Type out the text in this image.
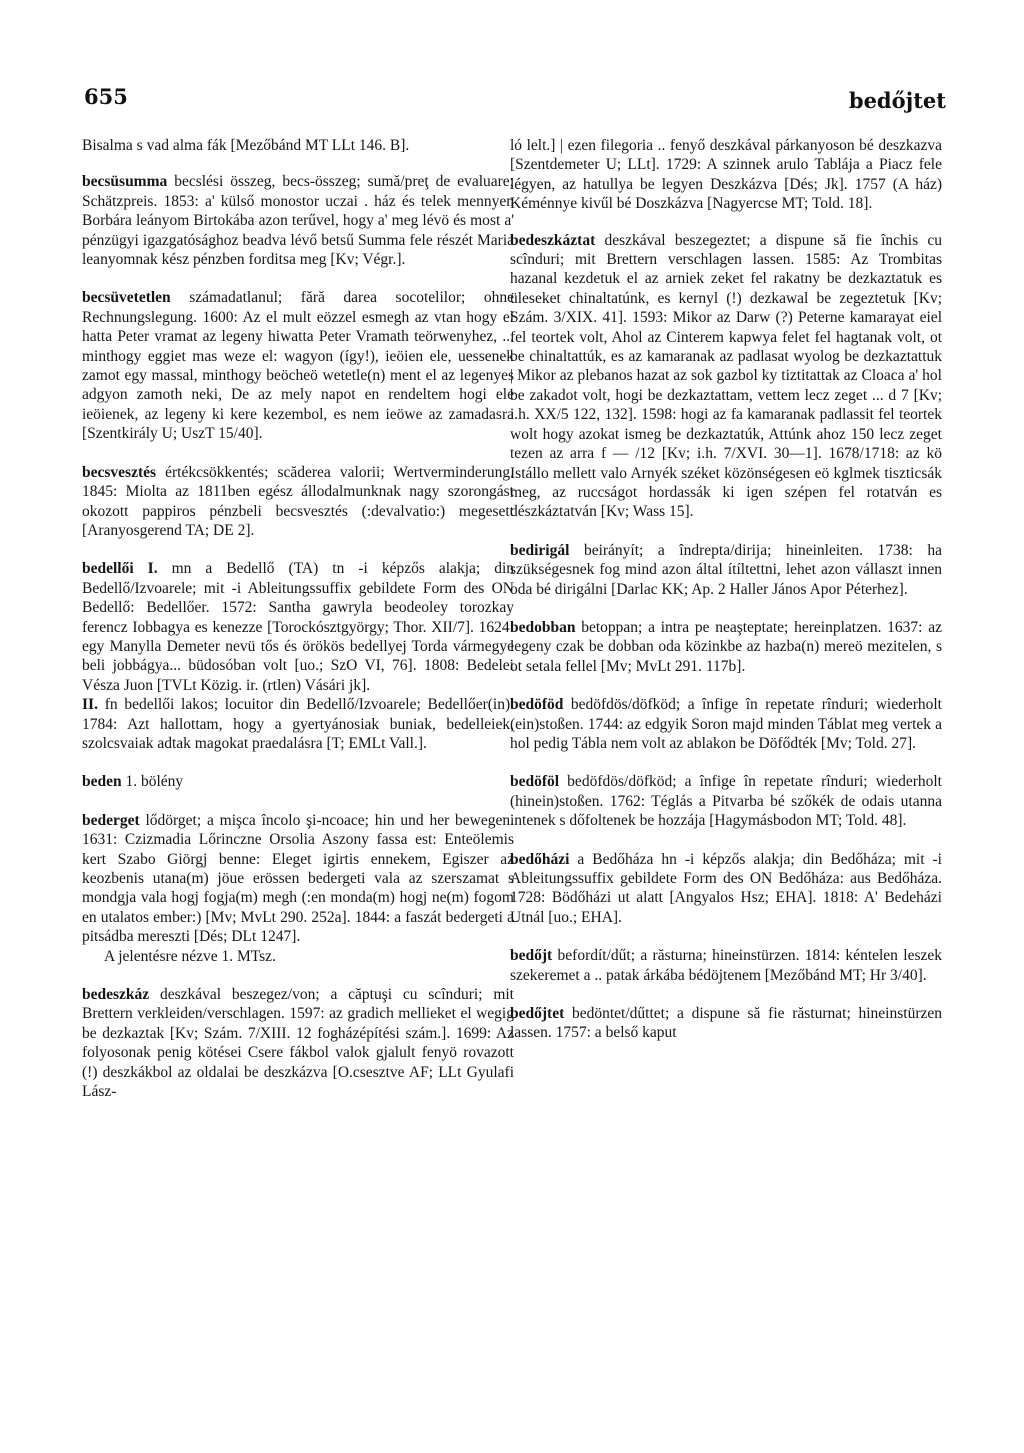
655	bedőjtet

Bisalma s vad alma fák [Mezőbánd MT LLt 146. B].

becsüsumma becslési összeg, becs-összeg; sumă/preţ de evaluare; Schätzpreis. 1853: a' külső monostor uczai . ház és telek mennyen Borbára leányom Birtokába azon terűvel, hogy a' meg lévö és most a' pénzügyi igazgatósághoz beadva lévő betsű Summa fele részét Maria leanyomnak kész pénzben forditsa meg [Kv; Végr.].

becsüvetetlen számadatlanul; fără darea socotelilor; ohne Rechnungslegung. 1600: Az el mult eözzel esmegh az vtan hogy el hatta Peter vramat az legeny hiwatta Peter Vramath teörwenyhez, ... minthogy eggiet mas weze el: wagyon (így!), ieöien ele, uessenek zamot egy massal, minthogy beöcheö wetetle(n) ment el az legenyes adgyon zamoth neki, De az mely napot en rendeltem hogi ele ieöienek, az legeny ki kere kezembol, es nem ieöwe az zamadasra [Szentkirály U; UszT 15/40].

becsvesztés értékcsökkentés; scăderea valorii; Wertverminderung. 1845: Miolta az 1811ben egész állodalmunknak nagy szorongást okozott pappiros pénzbeli becsvesztés (:devalvatio:) megesett [Aranyosgerend TA; DE 2].

bedellői I. mn a Bedellő (TA) tn -i képzős alakja; din Bedellő/Izvoarele; mit -i Ableitungssuffix gebildete Form des ON Bedellő: Bedellőer. 1572: Santha gawryla beodeoley torozkay ferencz Iobbagya es kenezze [Torockósztgyörgy; Thor. XII/7]. 1624: egy Manylla Demeter nevü tős és örökös bedellyej Torda vármegye beli jobbágya... büdosóban volt [uo.; SzO VI, 76]. 1808: Bedelei Vésza Juon [TVLt Közig. ir. (rtlen) Vásári jk].

II. fn bedellői lakos; locuitor din Bedellő/Izvoarele; Bedellőer(in). 1784: Azt hallottam, hogy a gyertyánosiak buniak, bedelleiek, szolcsvaiak adtak magokat praedalásra [T; EMLt Vall.].

beden 1. bölény

bederget lődörget; a mişca încolo şi-ncoace; hin und her bewegen. 1631: Czizmadia Lőrinczne Orsolia Aszony fassa est: Enteölemis kert Szabo Giörgj benne: Eleget igirtis ennekem, Egiszer az keozbenis utana(m) jöue erössen bedergeti vala az szerszamat s mondgja vala hogj fogja(m) megh (:en monda(m) hogj ne(m) fogom en utalatos ember:) [Mv; MvLt 290. 252a]. 1844: a faszát bedergeti a pitsádba mereszti [Dés; DLt 1247].

A jelentésre nézve 1. MTsz.

bedeszkáz deszkával beszegez/von; a căptuşi cu scînduri; mit Brettern verkleiden/verschlagen. 1597: az gradich mellieket el wegig be dezkaztak [Kv; Szám. 7/XIII. 12 fogházépítési szám.]. 1699: Az folyosonak penig kötései Csere fákbol valok gjalult fenyö rovazott (!) deszkákbol az oldalai be deszkázva [O.csesztve AF; LLt Gyulafi Lász-

ló lelt.] | ezen filegoria .. fenyő deszkával párkanyoson bé deszkazva [Szentdemeter U; LLt]. 1729: A szinnek arulo Tablája a Piacz fele légyen, az hatullya be legyen Deszkázva [Dés; Jk]. 1757 (A ház) Kéménnye kivűl bé Doszkázva [Nagyercse MT; Told. 18].

bedeszkáztat deszkával beszegeztet; a dispune să fie închis cu scînduri; mit Brettern verschlagen lassen. 1585: Az Trombitas hazanal kezdetuk el az arniek zeket fel rakatny be dezkaztatuk es üleseket chinaltatúnk, es kernyl (!) dezkawal be zegeztetuk [Kv; Szám. 3/XIX. 41]. 1593: Mikor az Darw (?) Peterne kamarayat eiel fel teortek volt, Ahol az Cinterem kapwya felet fel hagtanak volt, ot be chinaltattúk, es az kamaranak az padlasat wyolog be dezkaztattuk | Mikor az plebanos hazat az sok gazbol ky tiztitattak az Cloaca a' hol be zakadot volt, hogi be dezkaztattam, vettem lecz zeget ... d 7 [Kv; i.h. XX/5 122, 132]. 1598: hogi az fa kamaranak padlassit fel teortek wolt hogy azokat ismeg be dezkaztatúk, Attúnk ahoz 150 lecz zeget tezen az arra f — /12 [Kv; i.h. 7/XVI. 30—1]. 1678/1718: az kö Istállo mellett valo Arnyék széket közönségesen eö kglmek tiszticsák meg, az ruccságot hordassák ki igen szépen fel rotatván es dészkáztatván [Kv; Wass 15].

bedirigál beirányít; a îndrepta/dirija; hineinleiten. 1738: ha szükségesnek fog mind azon által ítíltettni, lehet azon vállaszt innen oda bé dirigálni [Darlac KK; Ap. 2 Haller János Apor Péterhez].

bedobban betoppan; a intra pe neaşteptate; hereinplatzen. 1637: az legeny czak be dobban oda közinkbe az hazba(n) mereö mezitelen, s ot setala fellel [Mv; MvLt 291. 117b].

bedöföd bedöfdös/döfköd; a înfige în repetate rînduri; wiederholt (ein)stoßen. 1744: az edgyik Soron majd minden Táblat meg vertek a hol pedig Tábla nem volt az ablakon be Döfődték [Mv; Told. 27].

bedöföl bedöfdös/döfköd; a înfige în repetate rînduri; wiederholt (hinein)stoßen. 1762: Téglás a Pitvarba bé szőkék de odais utanna intenek s dőfoltenek be hozzája [Hagymásbodon MT; Told. 48].

bedőházi a Bedőháza hn -i képzős alakja; din Bedőháza; mit -i Ableitungssuffix gebildete Form des ON Bedőháza: aus Bedőháza. 1728: Bödőházi ut alatt [Angyalos Hsz; EHA]. 1818: A' Bedeházi Utnál [uo.; EHA].

bedőjt befordít/dűt; a răsturna; hineinstürzen. 1814: kéntelen leszek szekeremet a .. patak árkába bédöjtenem [Mezőbánd MT; Hr 3/40].

bedőjtet bedöntet/dűttet; a dispune să fie răsturnat; hineinstürzen lassen. 1757: a belső kaput
